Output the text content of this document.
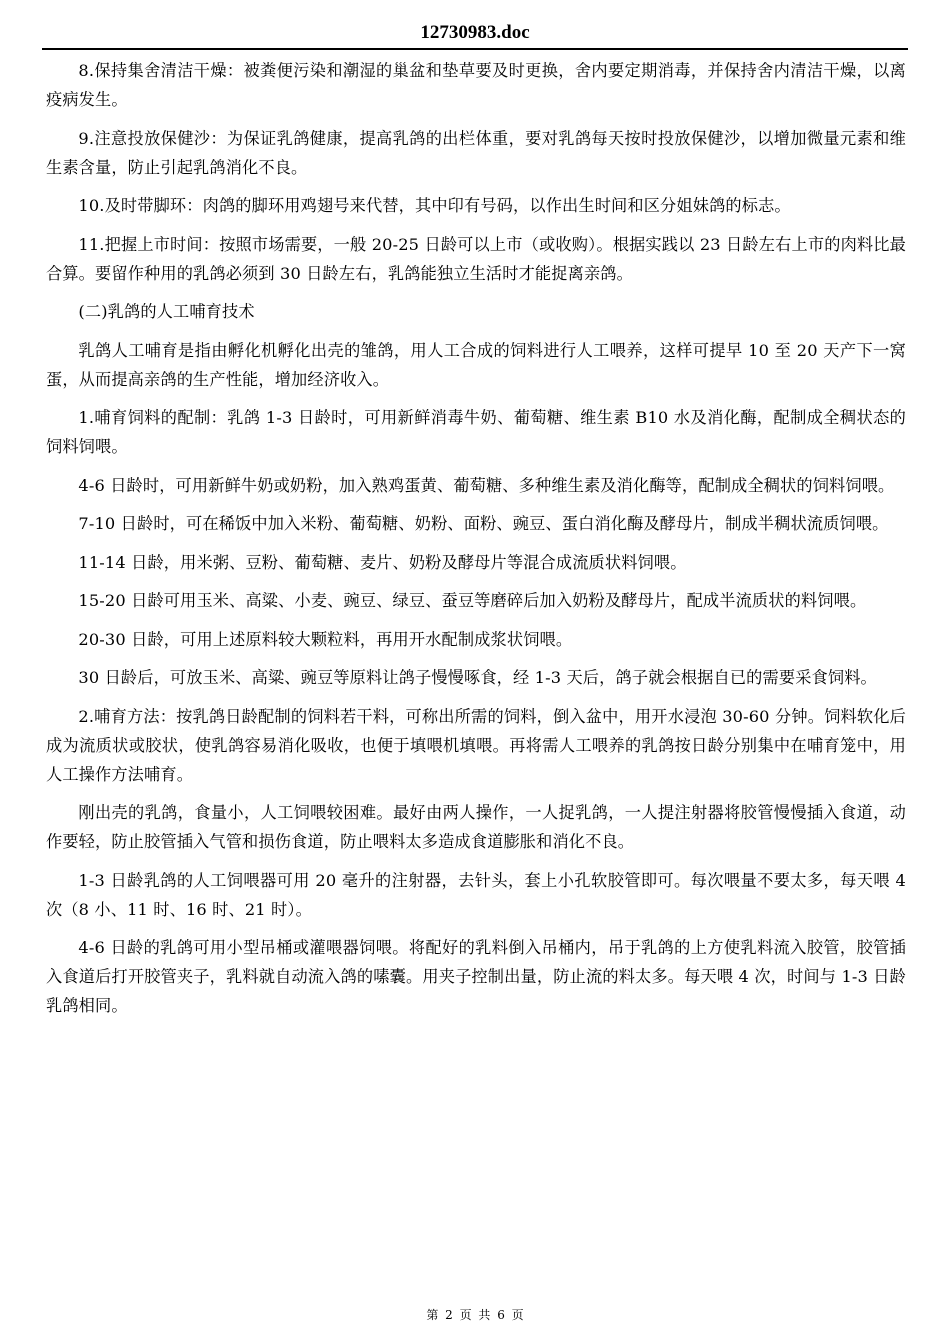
12730983.doc

8.保持集舍清洁干燥：被粪便污染和潮湿的巢盆和垫草要及时更换，舍内要定期消毒，并保持舍内清洁干燥，以离疫病发生。

9.注意投放保健沙：为保证乳鸽健康，提高乳鸽的出栏体重，要对乳鸽每天按时投放保健沙，以增加微量元素和维生素含量，防止引起乳鸽消化不良。

10.及时带脚环：肉鸽的脚环用鸡翅号来代替，其中印有号码，以作出生时间和区分姐妹鸽的标志。

11.把握上市时间：按照市场需要，一般 20-25 日龄可以上市（或收购）。根据实践以 23 日龄左右上市的肉料比最合算。要留作种用的乳鸽必须到 30 日龄左右，乳鸽能独立生活时才能捉离亲鸽。

(二)乳鸽的人工哺育技术

乳鸽人工哺育是指由孵化机孵化出壳的雏鸽，用人工合成的饲料进行人工喂养，这样可提早 10 至 20 天产下一窝蛋，从而提高亲鸽的生产性能，增加经济收入。

1.哺育饲料的配制：乳鸽 1-3 日龄时，可用新鲜消毒牛奶、葡萄糖、维生素 B10 水及消化酶，配制成全稠状态的饲料饲喂。

4-6 日龄时，可用新鲜牛奶或奶粉，加入熟鸡蛋黄、葡萄糖、多种维生素及消化酶等，配制成全稠状的饲料饲喂。

7-10 日龄时，可在稀饭中加入米粉、葡萄糖、奶粉、面粉、豌豆、蛋白消化酶及酵母片，制成半稠状流质饲喂。

11-14 日龄，用米粥、豆粉、葡萄糖、麦片、奶粉及酵母片等混合成流质状料饲喂。

15-20 日龄可用玉米、高粱、小麦、豌豆、绿豆、蚕豆等磨碎后加入奶粉及酵母片，配成半流质状的料饲喂。

20-30 日龄，可用上述原料较大颗粒料，再用开水配制成浆状饲喂。

30 日龄后，可放玉米、高粱、豌豆等原料让鸽子慢慢啄食，经 1-3 天后，鸽子就会根据自已的需要采食饲料。

2.哺育方法：按乳鸽日龄配制的饲料若干料，可称出所需的饲料，倒入盆中，用开水浸泡 30-60 分钟。饲料软化后成为流质状或胶状，使乳鸽容易消化吸收，也便于填喂机填喂。再将需人工喂养的乳鸽按日龄分别集中在哺育笼中，用人工操作方法哺育。

刚出壳的乳鸽，食量小，人工饲喂较困难。最好由两人操作，一人捉乳鸽，一人提注射器将胶管慢慢插入食道，动作要轻，防止胶管插入气管和损伤食道，防止喂料太多造成食道膨胀和消化不良。

1-3 日龄乳鸽的人工饲喂器可用 20 毫升的注射器，去针头，套上小孔软胶管即可。每次喂量不要太多，每天喂 4 次（8 小、11 时、16 时、21 时）。

4-6 日龄的乳鸽可用小型吊桶或灌喂器饲喂。将配好的乳料倒入吊桶内，吊于乳鸽的上方使乳料流入胶管，胶管插入食道后打开胶管夹子，乳料就自动流入鸽的嗉囊。用夹子控制出量，防止流的料太多。每天喂 4 次，时间与 1-3 日龄乳鸽相同。

第 2 页 共 6 页
